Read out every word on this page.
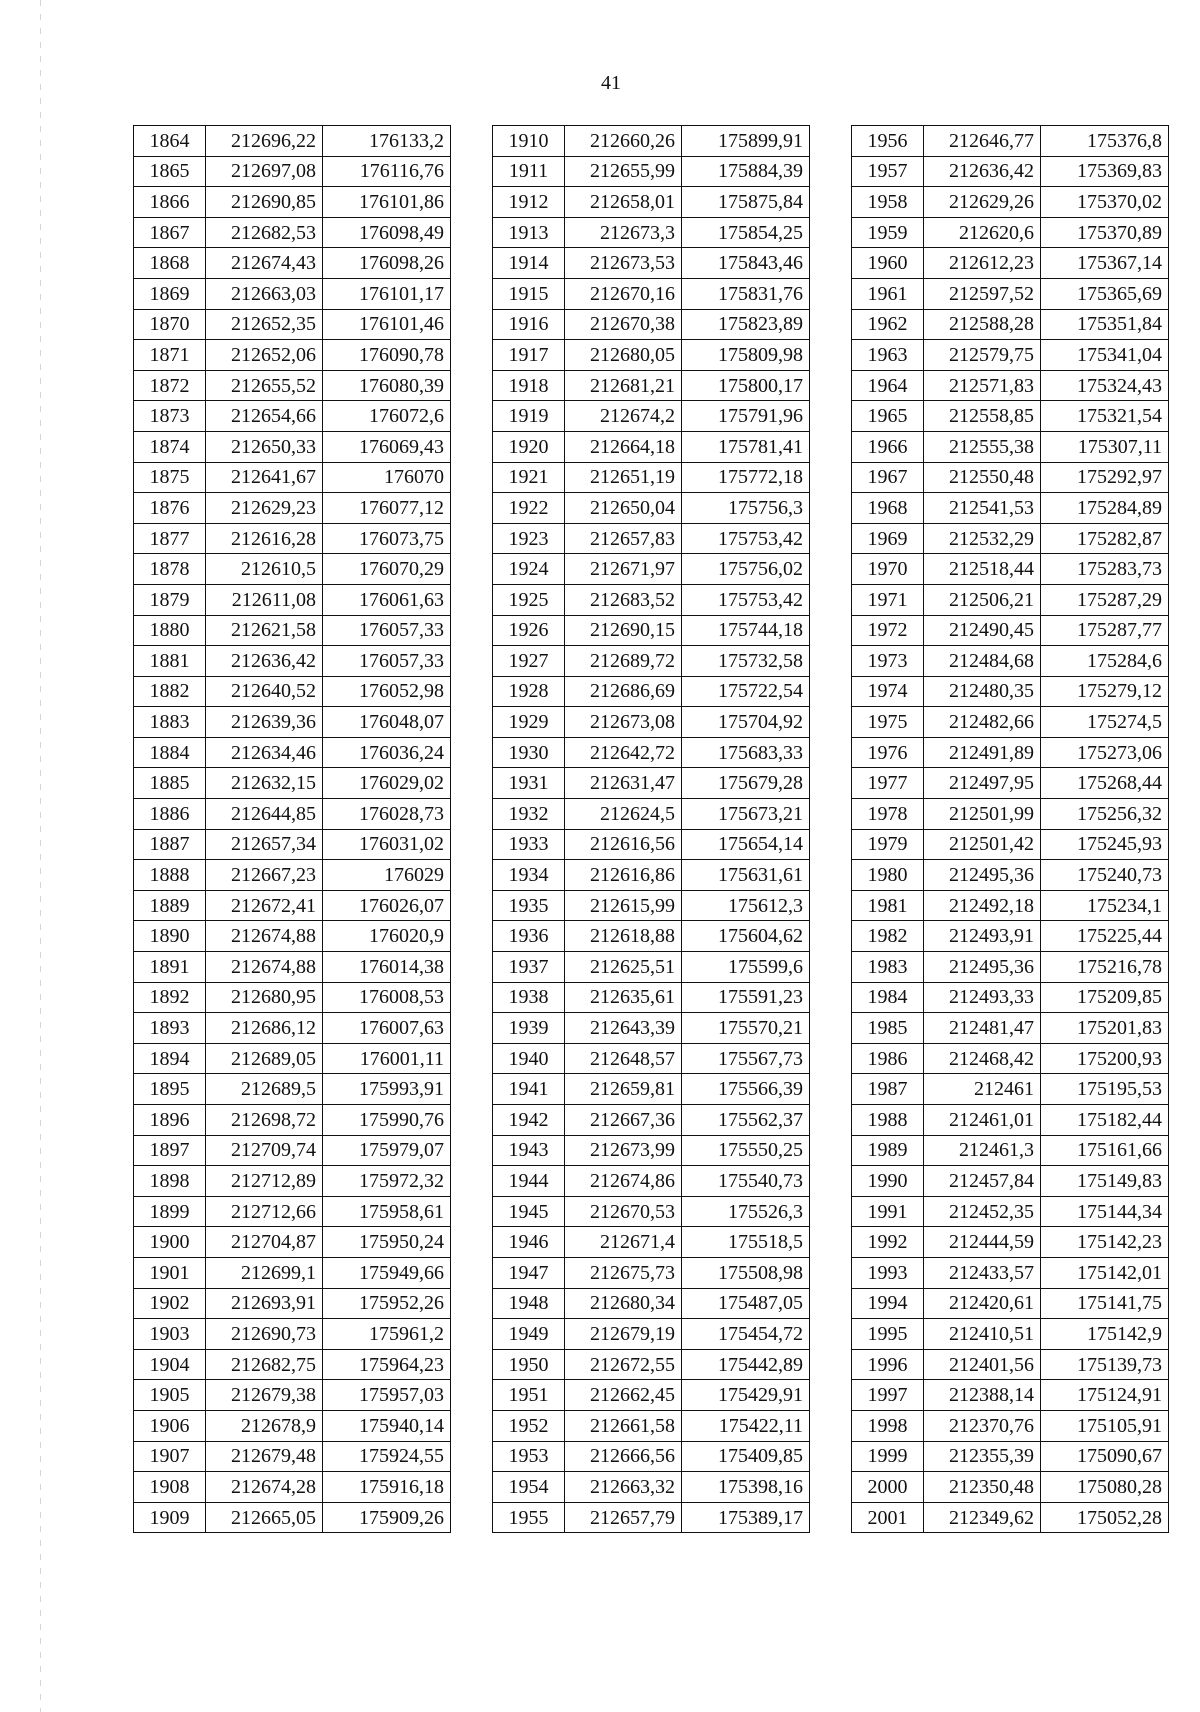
41
1864	212696,22	176133,2
1865	212697,08	176116,76
1866	212690,85	176101,86
1867	212682,53	176098,49
1868	212674,43	176098,26
1869	212663,03	176101,17
1870	212652,35	176101,46
1871	212652,06	176090,78
1872	212655,52	176080,39
1873	212654,66	176072,6
1874	212650,33	176069,43
1875	212641,67	176070
1876	212629,23	176077,12
1877	212616,28	176073,75
1878	212610,5	176070,29
1879	212611,08	176061,63
1880	212621,58	176057,33
1881	212636,42	176057,33
1882	212640,52	176052,98
1883	212639,36	176048,07
1884	212634,46	176036,24
1885	212632,15	176029,02
1886	212644,85	176028,73
1887	212657,34	176031,02
1888	212667,23	176029
1889	212672,41	176026,07
1890	212674,88	176020,9
1891	212674,88	176014,38
1892	212680,95	176008,53
1893	212686,12	176007,63
1894	212689,05	176001,11
1895	212689,5	175993,91
1896	212698,72	175990,76
1897	212709,74	175979,07
1898	212712,89	175972,32
1899	212712,66	175958,61
1900	212704,87	175950,24
1901	212699,1	175949,66
1902	212693,91	175952,26
1903	212690,73	175961,2
1904	212682,75	175964,23
1905	212679,38	175957,03
1906	212678,9	175940,14
1907	212679,48	175924,55
1908	212674,28	175916,18
1909	212665,05	175909,26
1910	212660,26	175899,91
1911	212655,99	175884,39
1912	212658,01	175875,84
1913	212673,3	175854,25
1914	212673,53	175843,46
1915	212670,16	175831,76
1916	212670,38	175823,89
1917	212680,05	175809,98
1918	212681,21	175800,17
1919	212674,2	175791,96
1920	212664,18	175781,41
1921	212651,19	175772,18
1922	212650,04	175756,3
1923	212657,83	175753,42
1924	212671,97	175756,02
1925	212683,52	175753,42
1926	212690,15	175744,18
1927	212689,72	175732,58
1928	212686,69	175722,54
1929	212673,08	175704,92
1930	212642,72	175683,33
1931	212631,47	175679,28
1932	212624,5	175673,21
1933	212616,56	175654,14
1934	212616,86	175631,61
1935	212615,99	175612,3
1936	212618,88	175604,62
1937	212625,51	175599,6
1938	212635,61	175591,23
1939	212643,39	175570,21
1940	212648,57	175567,73
1941	212659,81	175566,39
1942	212667,36	175562,37
1943	212673,99	175550,25
1944	212674,86	175540,73
1945	212670,53	175526,3
1946	212671,4	175518,5
1947	212675,73	175508,98
1948	212680,34	175487,05
1949	212679,19	175454,72
1950	212672,55	175442,89
1951	212662,45	175429,91
1952	212661,58	175422,11
1953	212666,56	175409,85
1954	212663,32	175398,16
1955	212657,79	175389,17
1956	212646,77	175376,8
1957	212636,42	175369,83
1958	212629,26	175370,02
1959	212620,6	175370,89
1960	212612,23	175367,14
1961	212597,52	175365,69
1962	212588,28	175351,84
1963	212579,75	175341,04
1964	212571,83	175324,43
1965	212558,85	175321,54
1966	212555,38	175307,11
1967	212550,48	175292,97
1968	212541,53	175284,89
1969	212532,29	175282,87
1970	212518,44	175283,73
1971	212506,21	175287,29
1972	212490,45	175287,77
1973	212484,68	175284,6
1974	212480,35	175279,12
1975	212482,66	175274,5
1976	212491,89	175273,06
1977	212497,95	175268,44
1978	212501,99	175256,32
1979	212501,42	175245,93
1980	212495,36	175240,73
1981	212492,18	175234,1
1982	212493,91	175225,44
1983	212495,36	175216,78
1984	212493,33	175209,85
1985	212481,47	175201,83
1986	212468,42	175200,93
1987	212461	175195,53
1988	212461,01	175182,44
1989	212461,3	175161,66
1990	212457,84	175149,83
1991	212452,35	175144,34
1992	212444,59	175142,23
1993	212433,57	175142,01
1994	212420,61	175141,75
1995	212410,51	175142,9
1996	212401,56	175139,73
1997	212388,14	175124,91
1998	212370,76	175105,91
1999	212355,39	175090,67
2000	212350,48	175080,28
2001	212349,62	175052,28
